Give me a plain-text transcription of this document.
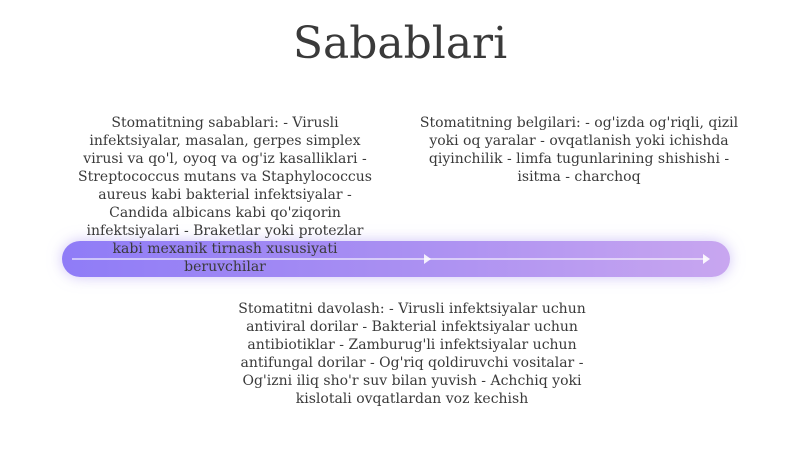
Sabablari

Stomatitning sabablari: - Virusli infektsiyalar, masalan, gerpes simplex virusi va qo'l, oyoq va og'iz kasalliklari - Streptococcus mutans va Staphylococcus aureus kabi bakterial infektsiyalar - Candida albicans kabi qo'ziqorin infektsiyalari - Braketlar yoki protezlar kabi mexanik tirnash xususiyati beruvchilar

Stomatitning belgilari: - og'izda og'riqli, qizil yoki oq yaralar - ovqatlanish yoki ichishda qiyinchilik - limfa tugunlarining shishishi - isitma - charchoq

Stomatitni davolash: - Virusli infektsiyalar uchun antiviral dorilar - Bakterial infektsiyalar uchun antibiotiklar - Zamburug'li infektsiyalar uchun antifungal dorilar - Og'riq qoldiruvchi vositalar - Og'izni iliq sho'r suv bilan yuvish - Achchiq yoki kislotali ovqatlardan voz kechish
